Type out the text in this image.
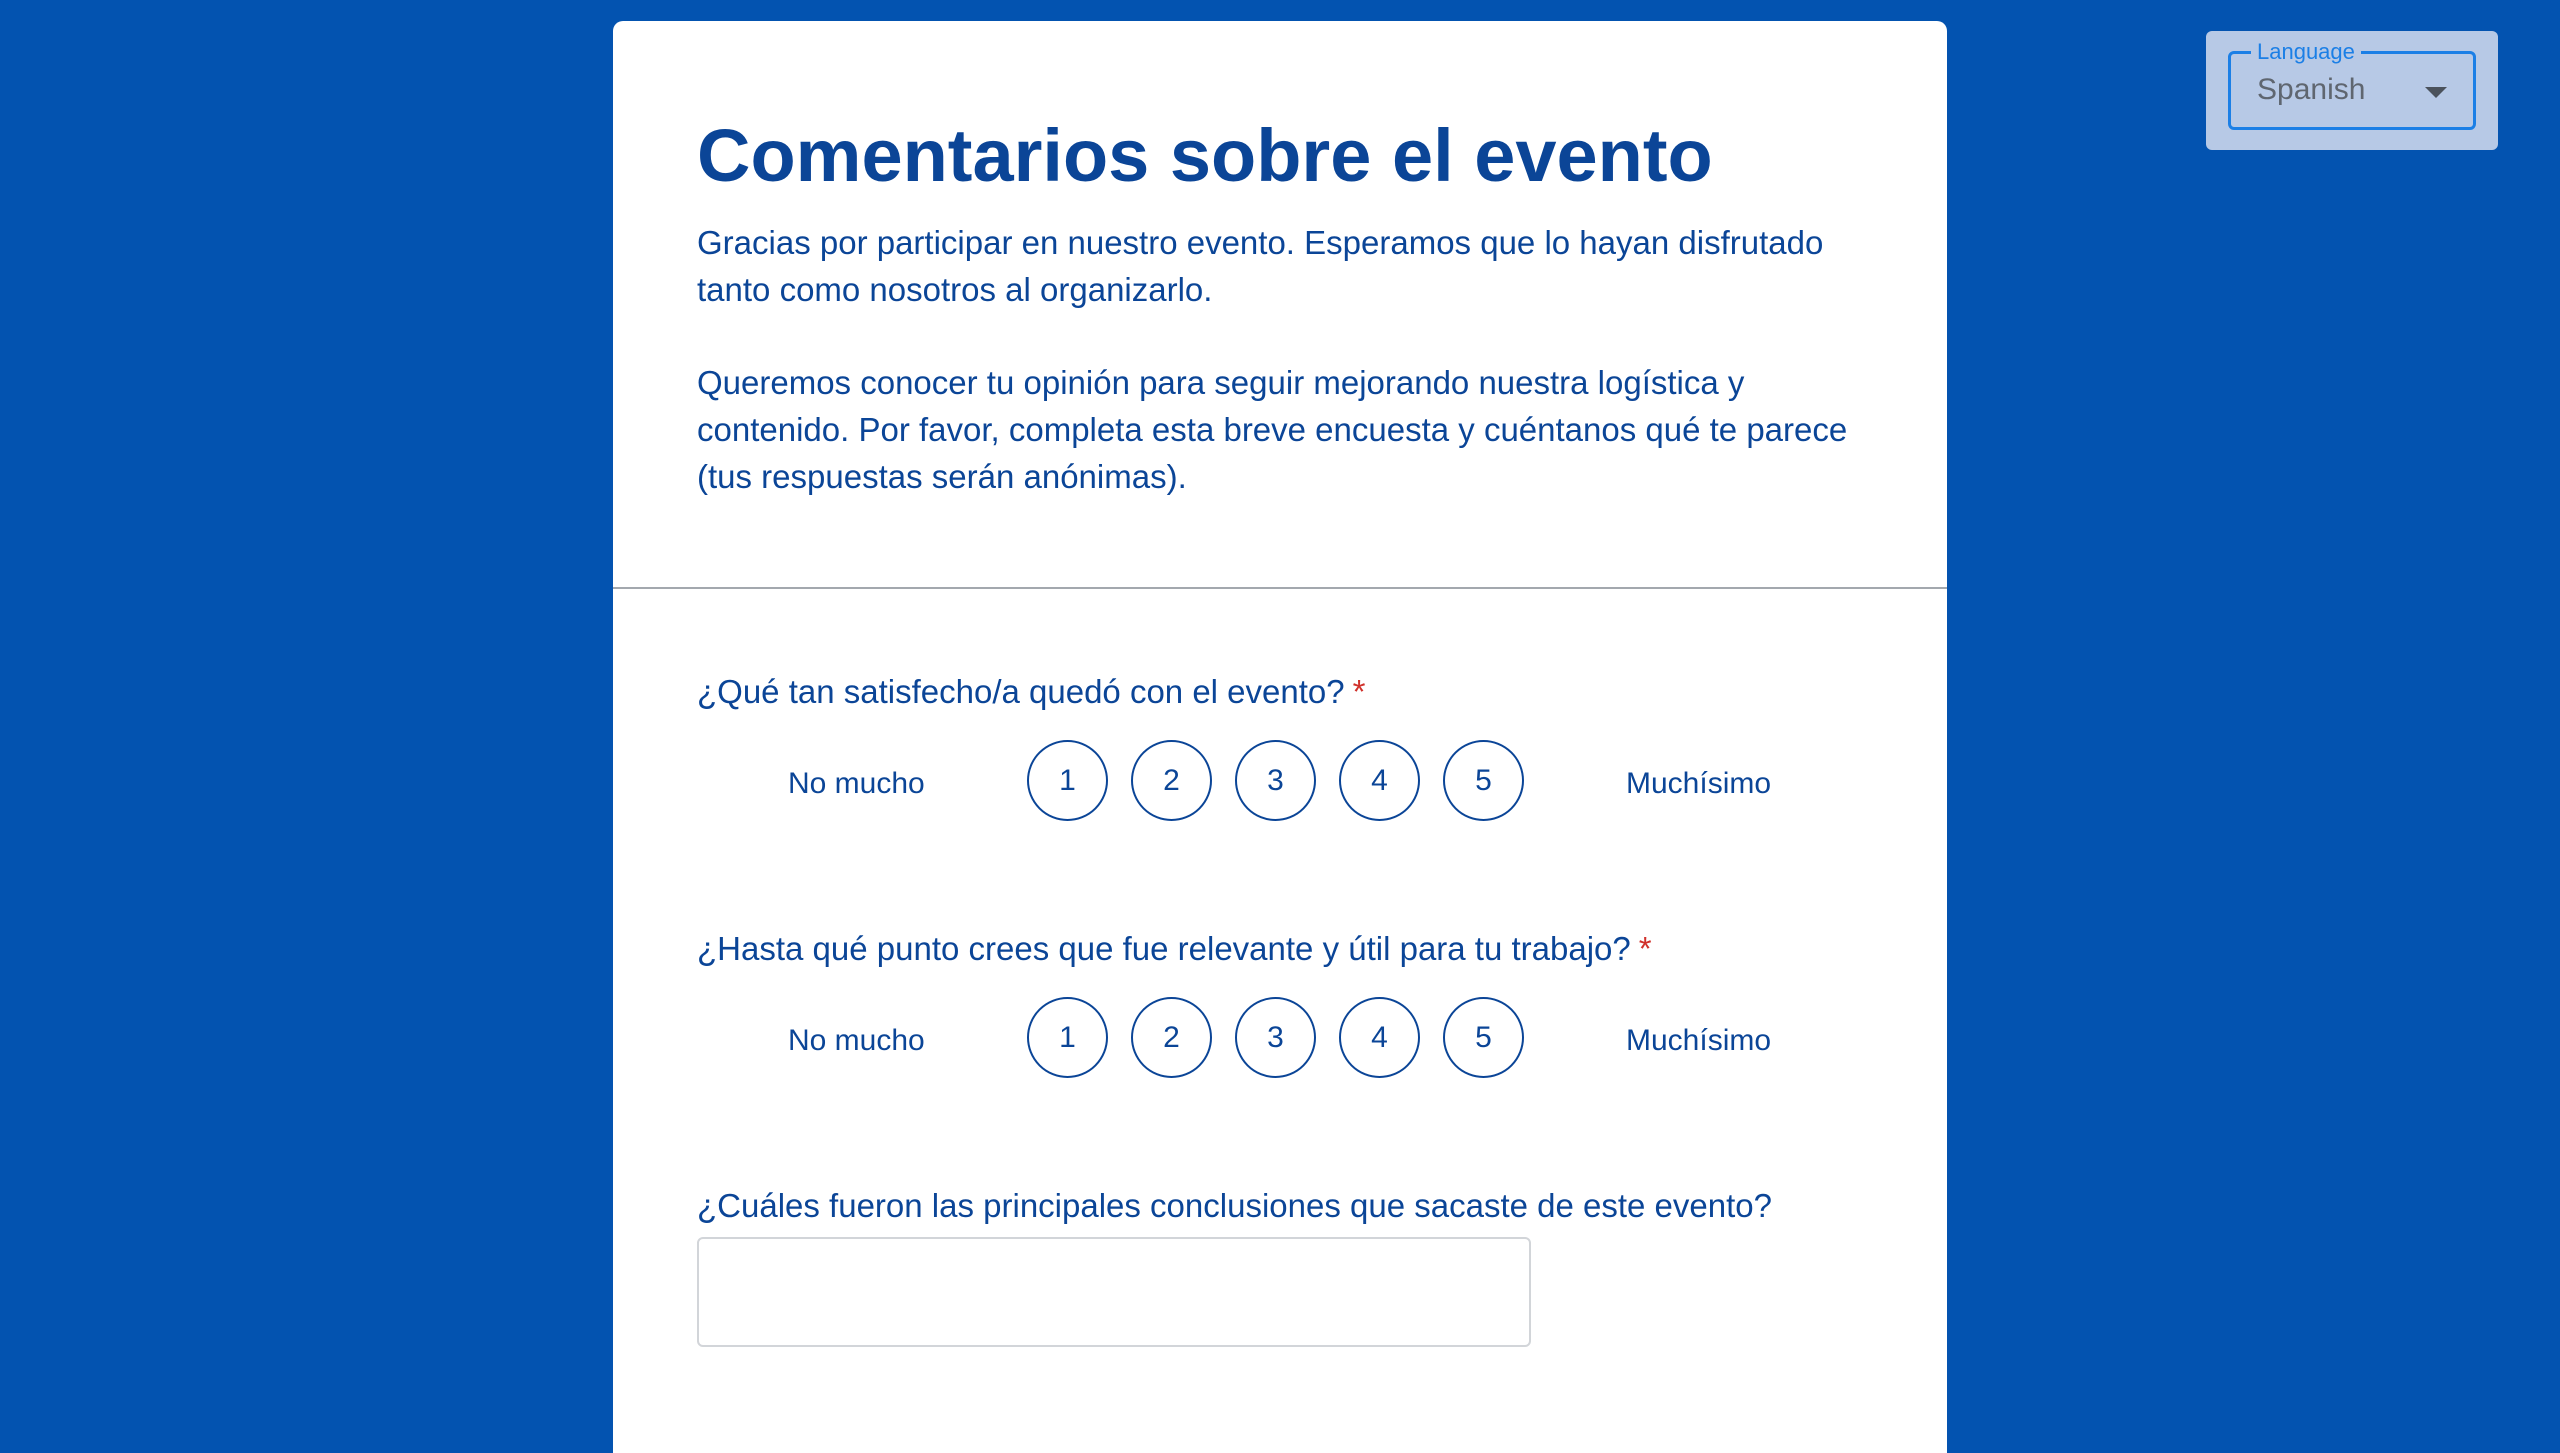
Language
Spanish
Comentarios sobre el evento

Gracias por participar en nuestro evento. Esperamos que lo hayan disfrutado tanto como nosotros al organizarlo.

Queremos conocer tu opinión para seguir mejorando nuestra logística y contenido. Por favor, completa esta breve encuesta y cuéntanos qué te parece (tus respuestas serán anónimas).

¿Qué tan satisfecho/a quedó con el evento? *
No mucho	1	2	3	4	5	Muchísimo
¿Hasta qué punto crees que fue relevante y útil para tu trabajo? *
No mucho	1	2	3	4	5	Muchísimo
¿Cuáles fueron las principales conclusiones que sacaste de este evento?
